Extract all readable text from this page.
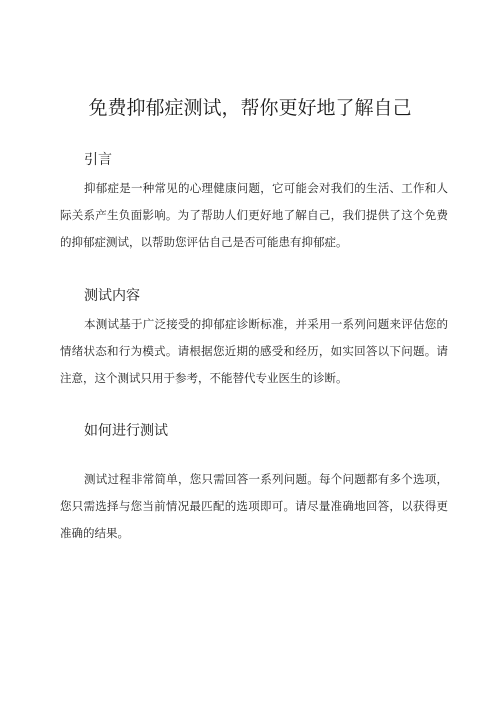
免费抑郁症测试，帮你更好地了解自己
引言

抑郁症是一种常见的心理健康问题，它可能会对我们的生活、工作和人际关系产生负面影响。为了帮助人们更好地了解自己，我们提供了这个免费的抑郁症测试，以帮助您评估自己是否可能患有抑郁症。

测试内容

本测试基于广泛接受的抑郁症诊断标准，并采用一系列问题来评估您的情绪状态和行为模式。请根据您近期的感受和经历，如实回答以下问题。请注意，这个测试只用于参考，不能替代专业医生的诊断。

如何进行测试

测试过程非常简单，您只需回答一系列问题。每个问题都有多个选项，您只需选择与您当前情况最匹配的选项即可。请尽量准确地回答，以获得更准确的结果。
